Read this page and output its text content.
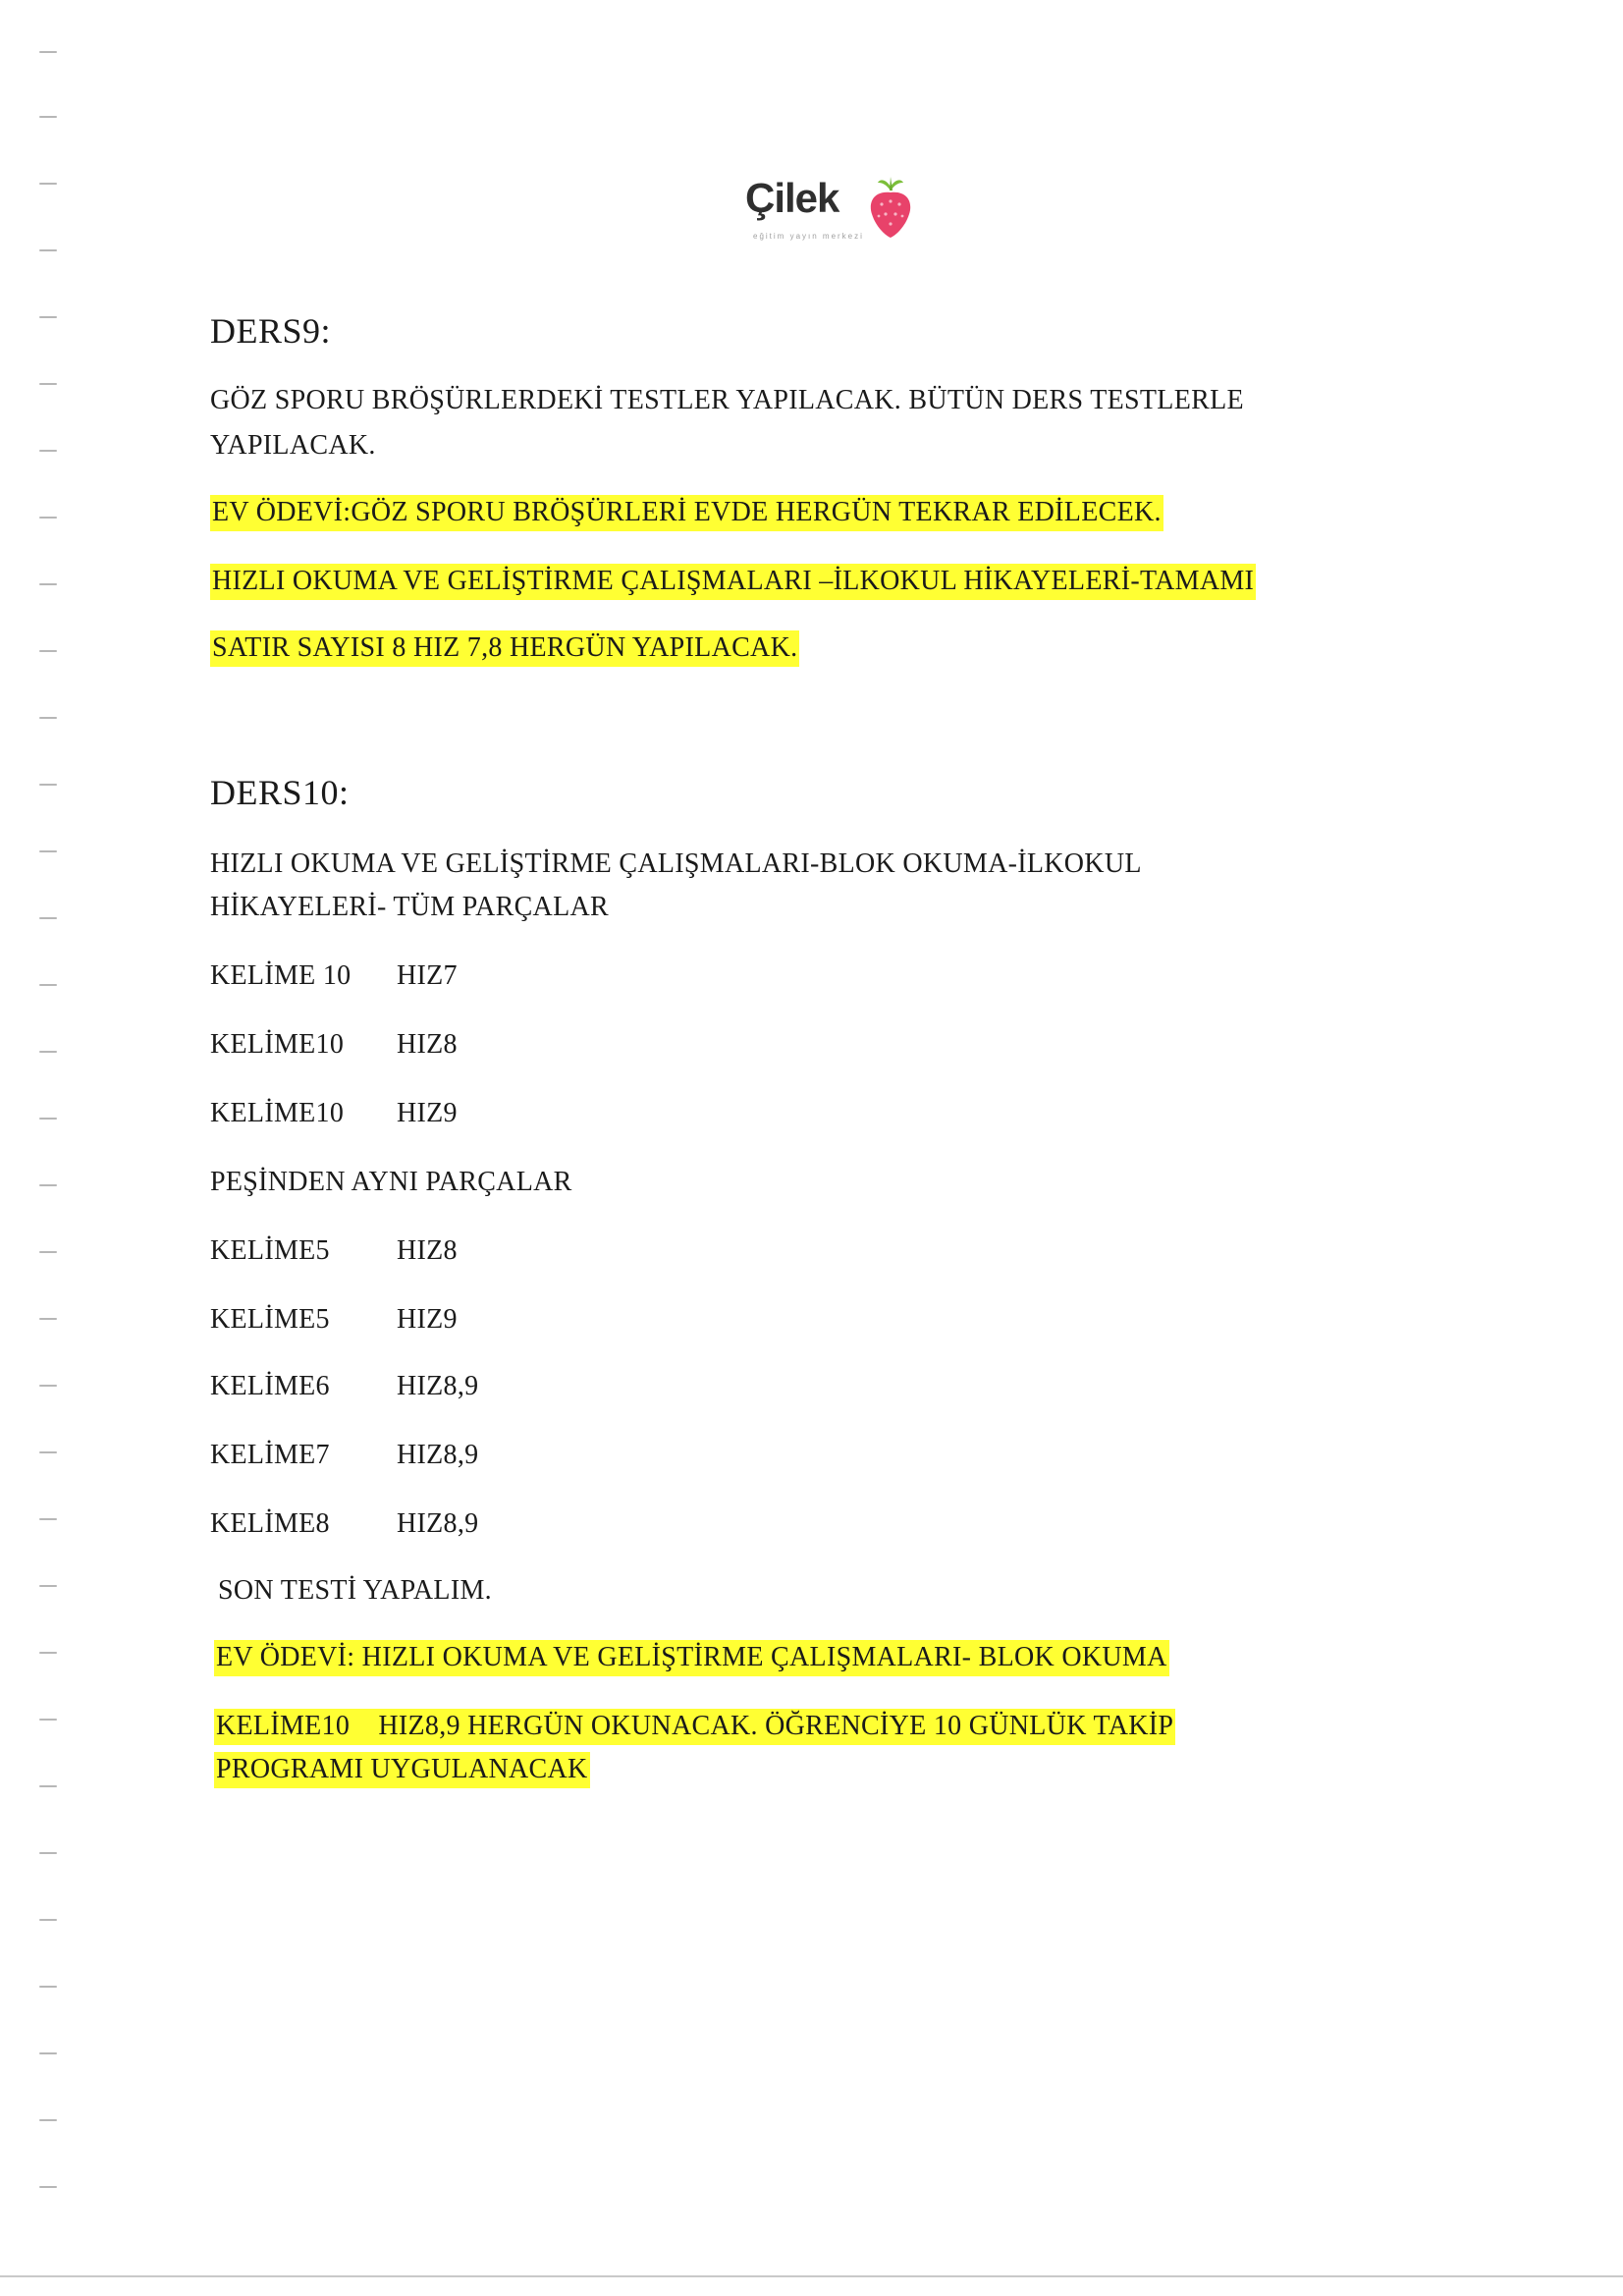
Çilek
eğitim yayın merkezi
DERS9:
GÖZ SPORU BRÖŞÜRLERDEKİ TESTLER YAPILACAK. BÜTÜN DERS TESTLERLE
YAPILACAK.
EV ÖDEVİ:GÖZ SPORU BRÖŞÜRLERİ EVDE HERGÜN TEKRAR EDİLECEK.
HIZLI OKUMA VE GELİŞTİRME ÇALIŞMALARI –İLKOKUL HİKAYELERİ-TAMAMI
SATIR SAYISI 8 HIZ 7,8 HERGÜN YAPILACAK.
DERS10:
HIZLI OKUMA VE GELİŞTİRME ÇALIŞMALARI-BLOK OKUMA-İLKOKUL
HİKAYELERİ- TÜM PARÇALAR
KELİME 10 HIZ7
KELİME10 HIZ8
KELİME10 HIZ9
PEŞİNDEN AYNI PARÇALAR
KELİME5 HIZ8
KELİME5 HIZ9
KELİME6 HIZ8,9
KELİME7 HIZ8,9
KELİME8 HIZ8,9
SON TESTİ YAPALIM.
EV ÖDEVİ: HIZLI OKUMA VE GELİŞTİRME ÇALIŞMALARI- BLOK OKUMA
KELİME10    HIZ8,9 HERGÜN OKUNACAK. ÖĞRENCİYE 10 GÜNLÜK TAKİP
PROGRAMI UYGULANACAK
